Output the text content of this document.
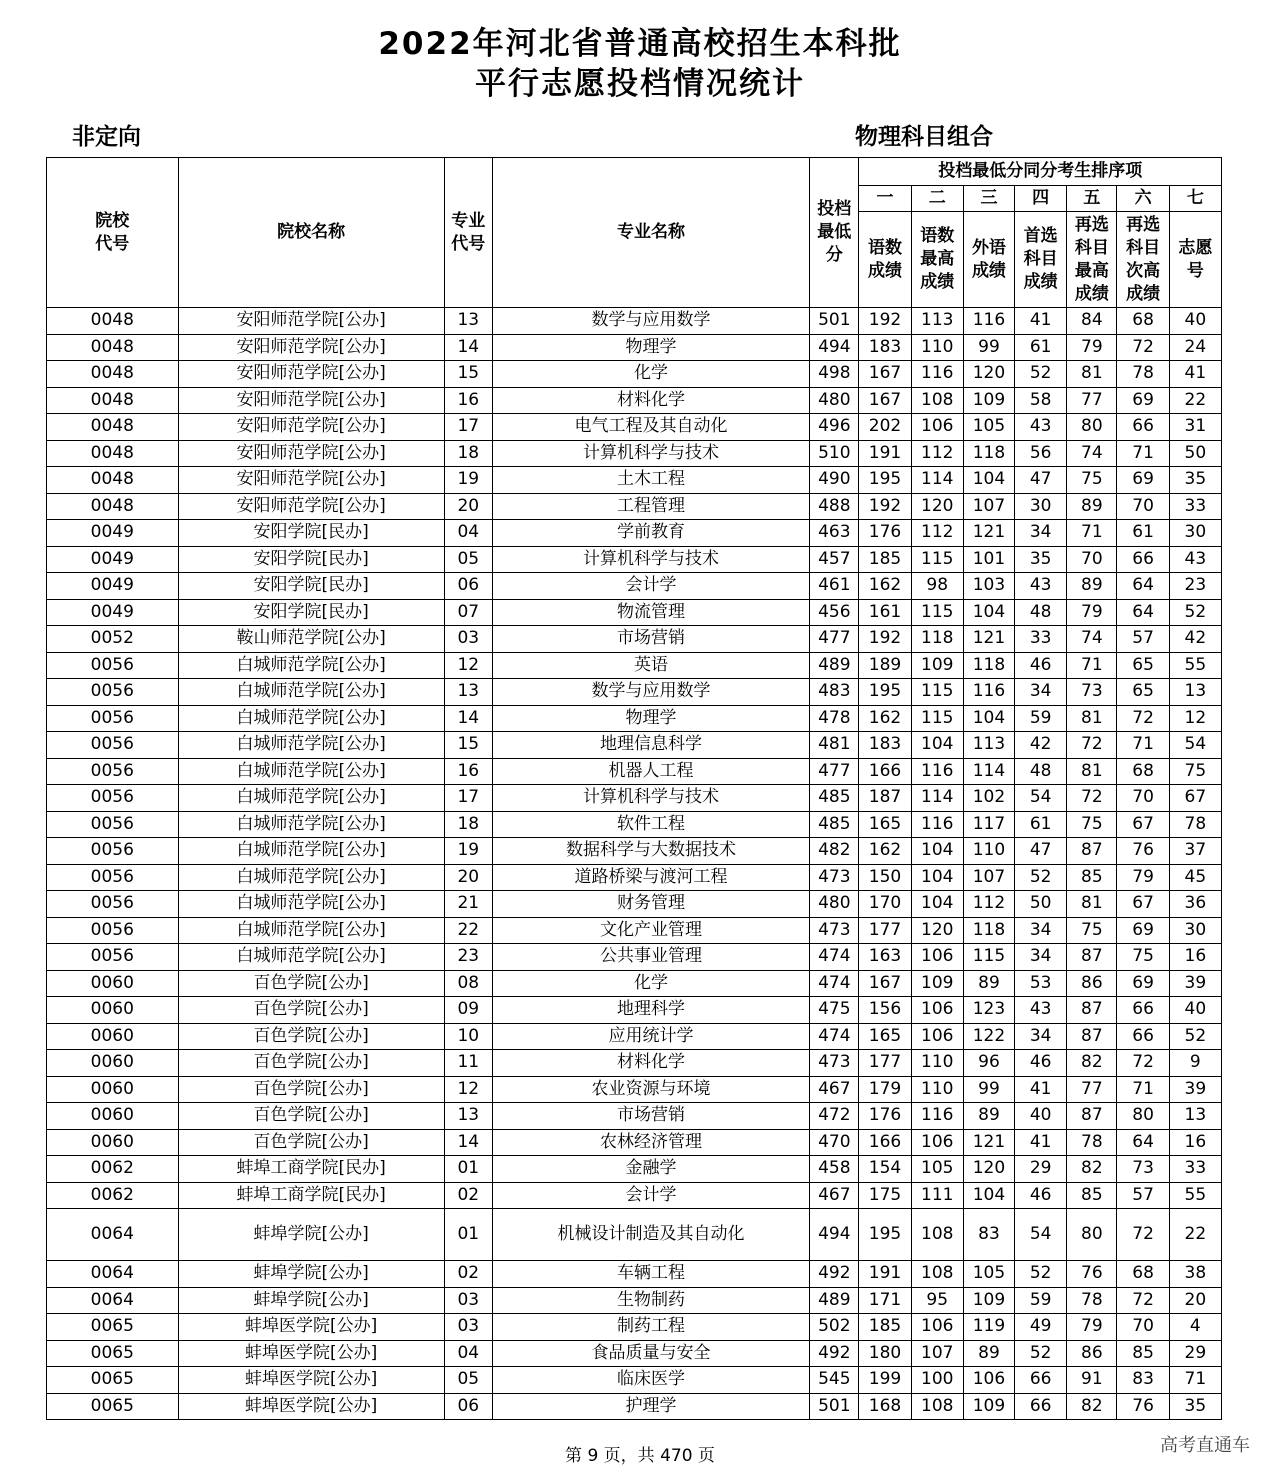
2022年河北省普通高校招生本科批
平行志愿投档情况统计
非定向	物理科目组合
院校代号	院校名称	专业代号	专业名称	投档最低分	投档最低分同分考生排序项						
					一	二	三	四	五	六	七

					语数成绩	语数最高成绩	外语成绩	首选科目成绩	再选科目最高成绩	再选科目次高成绩	志愿号

0048	安阳师范学院[公办]	13	数学与应用数学	501	192	113	116	41	84	68	40
0048	安阳师范学院[公办]	14	物理学	494	183	110	99	61	79	72	24
0048	安阳师范学院[公办]	15	化学	498	167	116	120	52	81	78	41
0048	安阳师范学院[公办]	16	材料化学	480	167	108	109	58	77	69	22
0048	安阳师范学院[公办]	17	电气工程及其自动化	496	202	106	105	43	80	66	31
0048	安阳师范学院[公办]	18	计算机科学与技术	510	191	112	118	56	74	71	50
0048	安阳师范学院[公办]	19	土木工程	490	195	114	104	47	75	69	35
0048	安阳师范学院[公办]	20	工程管理	488	192	120	107	30	89	70	33
0049	安阳学院[民办]	04	学前教育	463	176	112	121	34	71	61	30
0049	安阳学院[民办]	05	计算机科学与技术	457	185	115	101	35	70	66	43
0049	安阳学院[民办]	06	会计学	461	162	98	103	43	89	64	23
0049	安阳学院[民办]	07	物流管理	456	161	115	104	48	79	64	52
0052	鞍山师范学院[公办]	03	市场营销	477	192	118	121	33	74	57	42
0056	白城师范学院[公办]	12	英语	489	189	109	118	46	71	65	55
0056	白城师范学院[公办]	13	数学与应用数学	483	195	115	116	34	73	65	13
0056	白城师范学院[公办]	14	物理学	478	162	115	104	59	81	72	12
0056	白城师范学院[公办]	15	地理信息科学	481	183	104	113	42	72	71	54
0056	白城师范学院[公办]	16	机器人工程	477	166	116	114	48	81	68	75
0056	白城师范学院[公办]	17	计算机科学与技术	485	187	114	102	54	72	70	67
0056	白城师范学院[公办]	18	软件工程	485	165	116	117	61	75	67	78
0056	白城师范学院[公办]	19	数据科学与大数据技术	482	162	104	110	47	87	76	37
0056	白城师范学院[公办]	20	道路桥梁与渡河工程	473	150	104	107	52	85	79	45
0056	白城师范学院[公办]	21	财务管理	480	170	104	112	50	81	67	36
0056	白城师范学院[公办]	22	文化产业管理	473	177	120	118	34	75	69	30
0056	白城师范学院[公办]	23	公共事业管理	474	163	106	115	34	87	75	16
0060	百色学院[公办]	08	化学	474	167	109	89	53	86	69	39
0060	百色学院[公办]	09	地理科学	475	156	106	123	43	87	66	40
0060	百色学院[公办]	10	应用统计学	474	165	106	122	34	87	66	52
0060	百色学院[公办]	11	材料化学	473	177	110	96	46	82	72	9
0060	百色学院[公办]	12	农业资源与环境	467	179	110	99	41	77	71	39
0060	百色学院[公办]	13	市场营销	472	176	116	89	40	87	80	13
0060	百色学院[公办]	14	农林经济管理	470	166	106	121	41	78	64	16
0062	蚌埠工商学院[民办]	01	金融学	458	154	105	120	29	82	73	33
0062	蚌埠工商学院[民办]	02	会计学	467	175	111	104	46	85	57	55
0064	蚌埠学院[公办]	01	机械设计制造及其自动化	494	195	108	83	54	80	72	22
0064	蚌埠学院[公办]	02	车辆工程	492	191	108	105	52	76	68	38
0064	蚌埠学院[公办]	03	生物制药	489	171	95	109	59	78	72	20
0065	蚌埠医学院[公办]	03	制药工程	502	185	106	119	49	79	70	4
0065	蚌埠医学院[公办]	04	食品质量与安全	492	180	107	89	52	86	85	29
0065	蚌埠医学院[公办]	05	临床医学	545	199	100	106	66	91	83	71
0065	蚌埠医学院[公办]	06	护理学	501	168	108	109	66	82	76	35
第 9 页，共 470 页	高考直通车
